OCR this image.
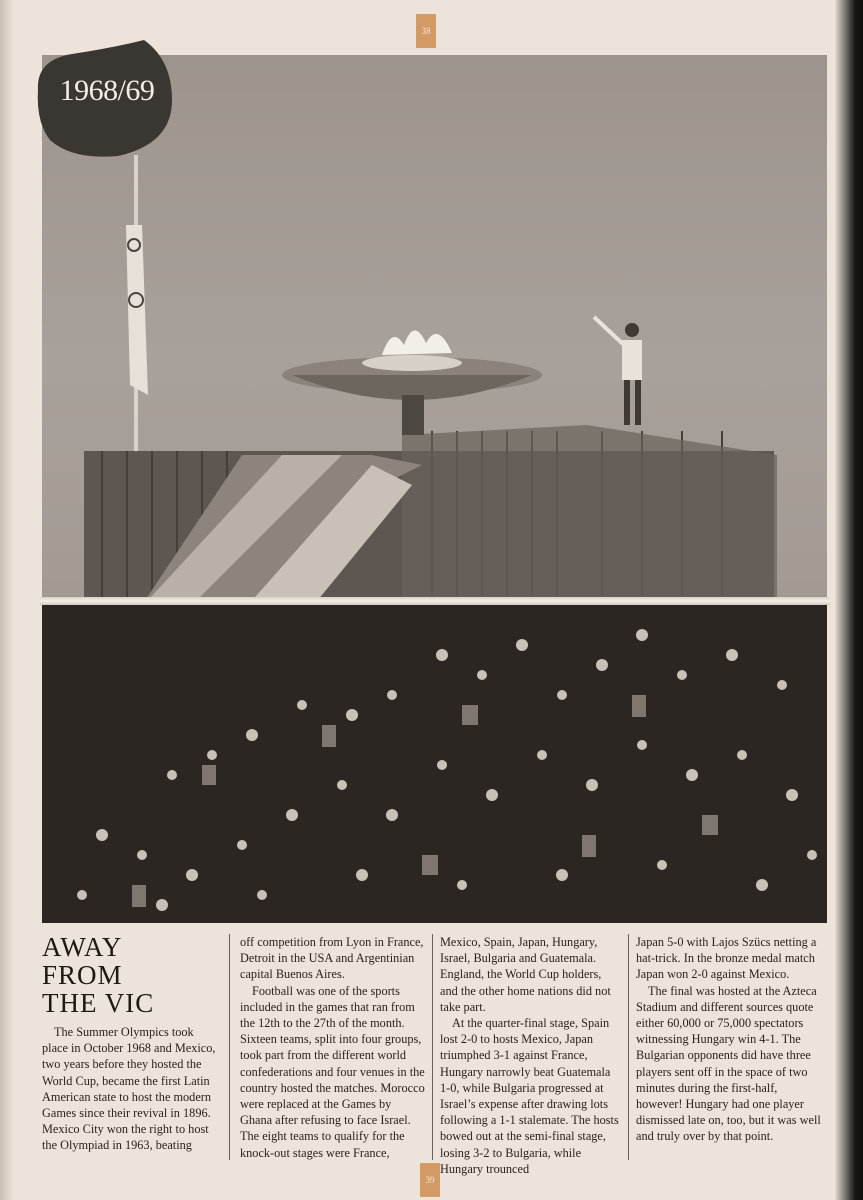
38
1968/69
AWAY
FROM
THE VIC

The Summer Olympics took place in October 1968 and Mexico, two years before they hosted the World Cup, became the first Latin American state to host the modern Games since their revival in 1896. Mexico City won the right to host the Olympiad in 1963, beating

off competition from Lyon in France, Detroit in the USA and Argentinian capital Buenos Aires.

Football was one of the sports included in the games that ran from the 12th to the 27th of the month. Sixteen teams, split into four groups, took part from the different world confederations and four venues in the country hosted the matches. Morocco were replaced at the Games by Ghana after refusing to face Israel. The eight teams to qualify for the knock-out stages were France,

Mexico, Spain, Japan, Hungary, Israel, Bulgaria and Guatemala. England, the World Cup holders, and the other home nations did not take part.

At the quarter-final stage, Spain lost 2-0 to hosts Mexico, Japan triumphed 3-1 against France, Hungary narrowly beat Guatemala 1-0, while Bulgaria progressed at Israel’s expense after drawing lots following a 1-1 stalemate. The hosts bowed out at the semi-final stage, losing 3-2 to Bulgaria, while Hungary trounced

Japan 5-0 with Lajos Szücs netting a hat-trick. In the bronze medal match Japan won 2-0 against Mexico.

The final was hosted at the Azteca Stadium and different sources quote either 60,000 or 75,000 spectators witnessing Hungary win 4-1. The Bulgarian opponents did have three players sent off in the space of two minutes during the first-half, however! Hungary had one player dismissed late on, too, but it was well and truly over by that point.

39
